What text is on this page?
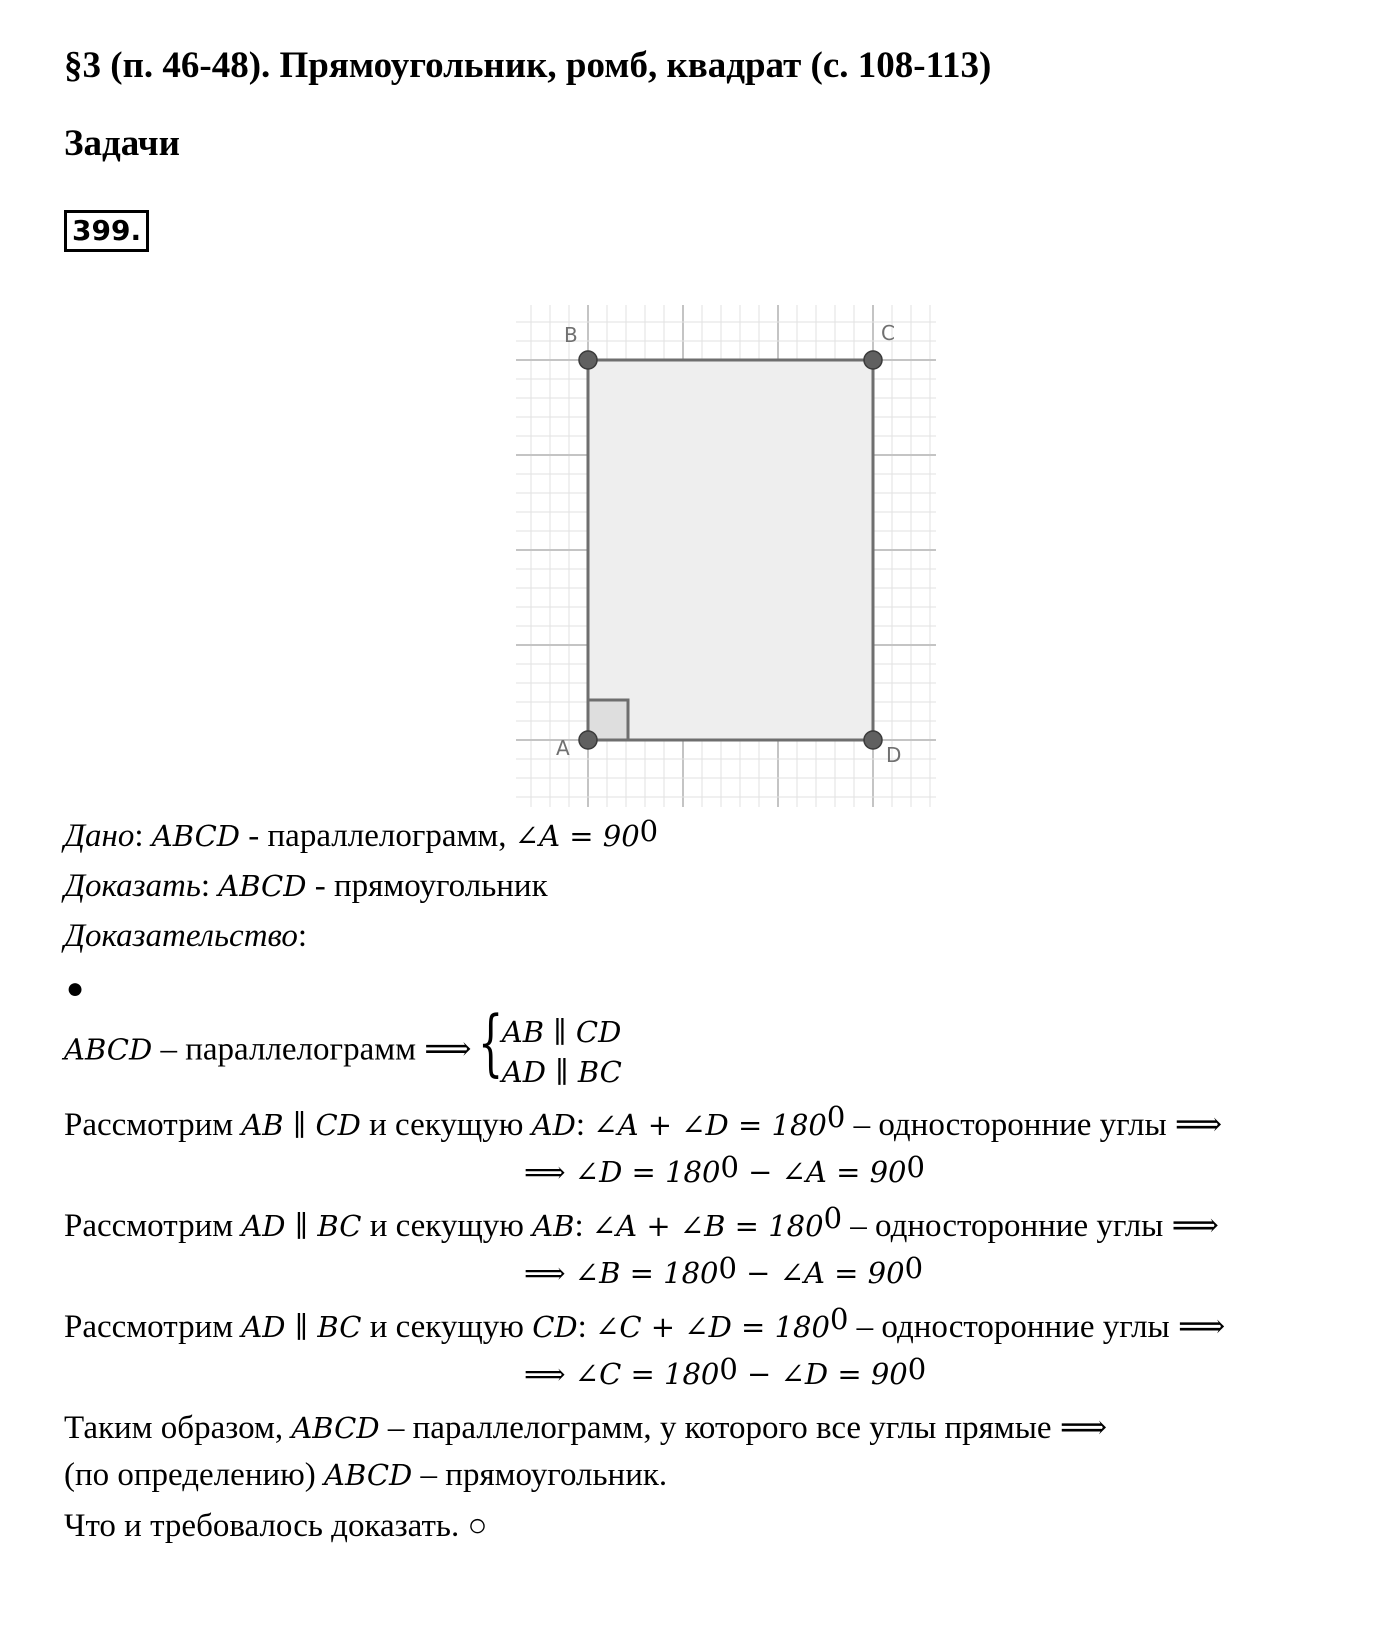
§3 (п. 46-48). Прямоугольник, ромб, квадрат (с. 108-113)
Задачи
399.
B	C
A	D
Дано: ABCD - параллелограмм, ∠A = $90^0$
Доказать: ABCD - прямоугольник
Доказательство:
●
ABCD – параллелограмм ⟹
{
AB ∥ CD
AD ∥ BC
Рассмотрим AB ∥ CD и секущую AD: ∠A + ∠D = $180^0$ – односторонние углы ⟹
⟹ ∠D = $180^0$ − ∠A = $90^0$
Рассмотрим AD ∥ BC и секущую AB: ∠A + ∠B = $180^0$ – односторонние углы ⟹
⟹ ∠B = $180^0$ − ∠A = $90^0$
Рассмотрим AD ∥ BC и секущую CD: ∠C + ∠D = $180^0$ – односторонние углы ⟹
⟹ ∠C = $180^0$ − ∠D = $90^0$
Таким образом, ABCD – параллелограмм, у которого все углы прямые ⟹
(по определению) ABCD – прямоугольник.
Что и требовалось доказать. ○
